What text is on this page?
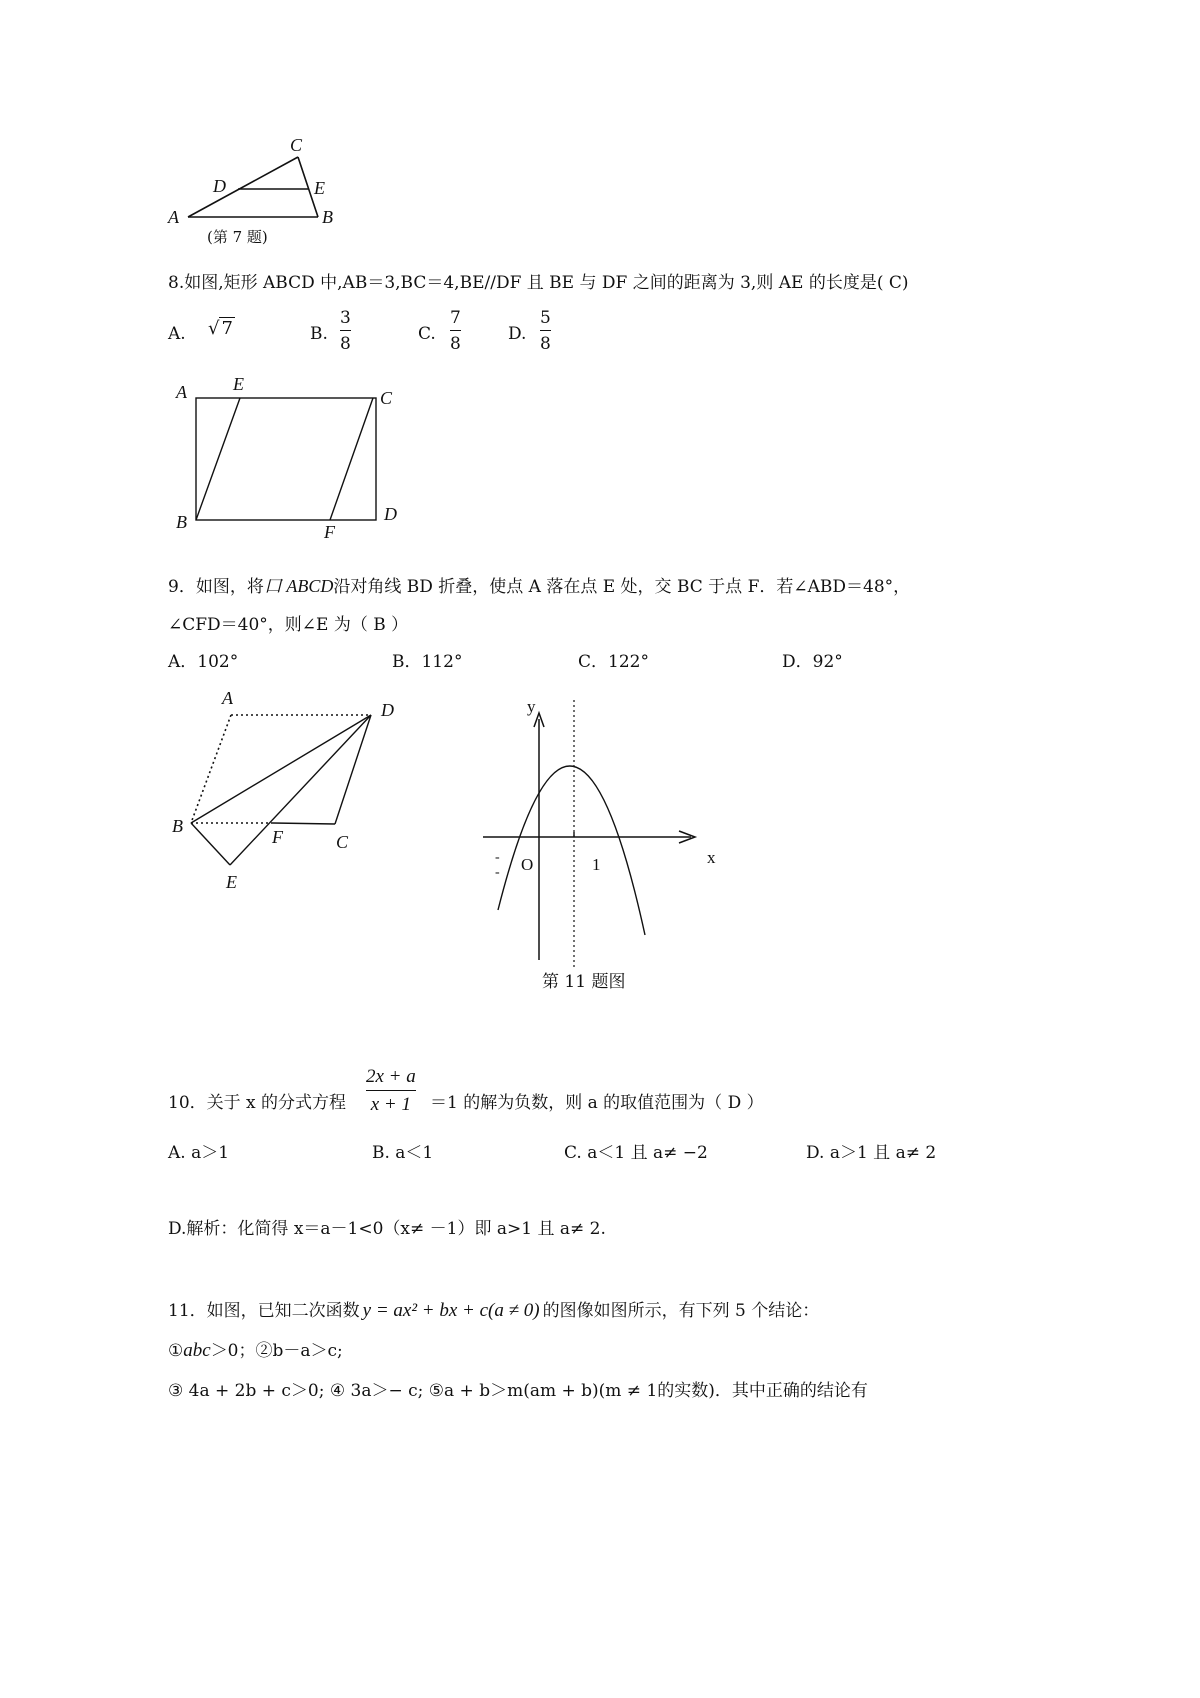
C
D	E
A	B
(第 7 题)
8.如图,矩形 ABCD 中,AB＝3,BC＝4,BE//DF 且 BE 与 DF 之间的距离为 3,则 AE 的长度是( C)
A. √ 7	B.
3
8	C.
7
8	D.
5
8
A	E
C
B	F
D
9．如图，将口 ABCD沿对角线 BD 折叠，使点 A 落在点 E 处，交 BC 于点 F．若∠ABD＝48°，
∠CFD＝40°，则∠E 为（ B ）
A．102°	B．112°	C．122°	D．92°
A
D
B
F	C
E
y
x
O	1
-
-
第 11 题图
10．关于 x 的分式方程
2x + a
x + 1 ＝1 的解为负数，则 a 的取值范围为（ D ）
A. a＞1	B. a＜1	C. a＜1 且 a≠ −2	D. a＞1 且 a≠ 2
D.解析：化简得 x＝a－1<0（x≠ －1）即 a>1 且 a≠ 2.
11．如图，已知二次函数 y = ax² + bx + c(a ≠ 0) 的图像如图所示，有下列 5 个结论：
①abc＞0；②b－a＞c;
③ 4a + 2b + c＞0; ④ 3a＞− c; ⑤a + b＞m(am + b)(m ≠ 1的实数)．其中正确的结论有
